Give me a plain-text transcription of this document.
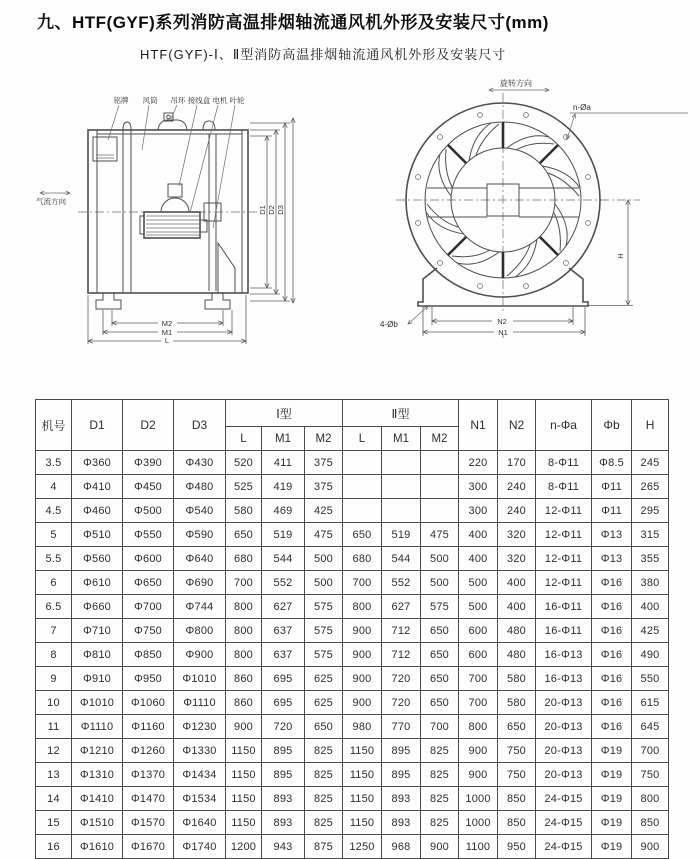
九、HTF(GYF)系列消防高温排烟轴流通风机外形及安装尺寸(mm)
HTF(GYF)-Ⅰ、Ⅱ型消防高温排烟轴流通风机外形及安装尺寸
铭牌 风筒 吊环 接线盒 电机 叶轮
气流方向
D1 D2 D3
M2
M1
L
旋转方向
n-Øa
4-Øb
H
N2
N1
机号	D1	D2	D3	Ⅰ型			Ⅱ型			N1	N2	n-Φa	Φb	H
				L	M1	M2	L	M1	M2					
3.5	Φ360	Φ390	Φ430	520	411	375				220	170	8-Φ11	Φ8.5	245
4	Φ410	Φ450	Φ480	525	419	375				300	240	8-Φ11	Φ11	265
4.5	Φ460	Φ500	Φ540	580	469	425				300	240	12-Φ11	Φ11	295
5	Φ510	Φ550	Φ590	650	519	475	650	519	475	400	320	12-Φ11	Φ13	315
5.5	Φ560	Φ600	Φ640	680	544	500	680	544	500	400	320	12-Φ11	Φ13	355
6	Φ610	Φ650	Φ690	700	552	500	700	552	500	500	400	12-Φ11	Φ16	380
6.5	Φ660	Φ700	Φ744	800	627	575	800	627	575	500	400	16-Φ11	Φ16	400
7	Φ710	Φ750	Φ800	800	637	575	900	712	650	600	480	16-Φ11	Φ16	425
8	Φ810	Φ850	Φ900	800	637	575	900	712	650	600	480	16-Φ13	Φ16	490
9	Φ910	Φ950	Φ1010	860	695	625	900	720	650	700	580	16-Φ13	Φ16	550
10	Φ1010	Φ1060	Φ1110	860	695	625	900	720	650	700	580	20-Φ13	Φ16	615
11	Φ1110	Φ1160	Φ1230	900	720	650	980	770	700	800	650	20-Φ13	Φ16	645
12	Φ1210	Φ1260	Φ1330	1150	895	825	1150	895	825	900	750	20-Φ13	Φ19	700
13	Φ1310	Φ1370	Φ1434	1150	895	825	1150	895	825	900	750	20-Φ13	Φ19	750
14	Φ1410	Φ1470	Φ1534	1150	893	825	1150	893	825	1000	850	24-Φ15	Φ19	800
15	Φ1510	Φ1570	Φ1640	1150	893	825	1150	893	825	1000	850	24-Φ15	Φ19	850
16	Φ1610	Φ1670	Φ1740	1200	943	875	1250	968	900	1100	950	24-Φ15	Φ19	900
